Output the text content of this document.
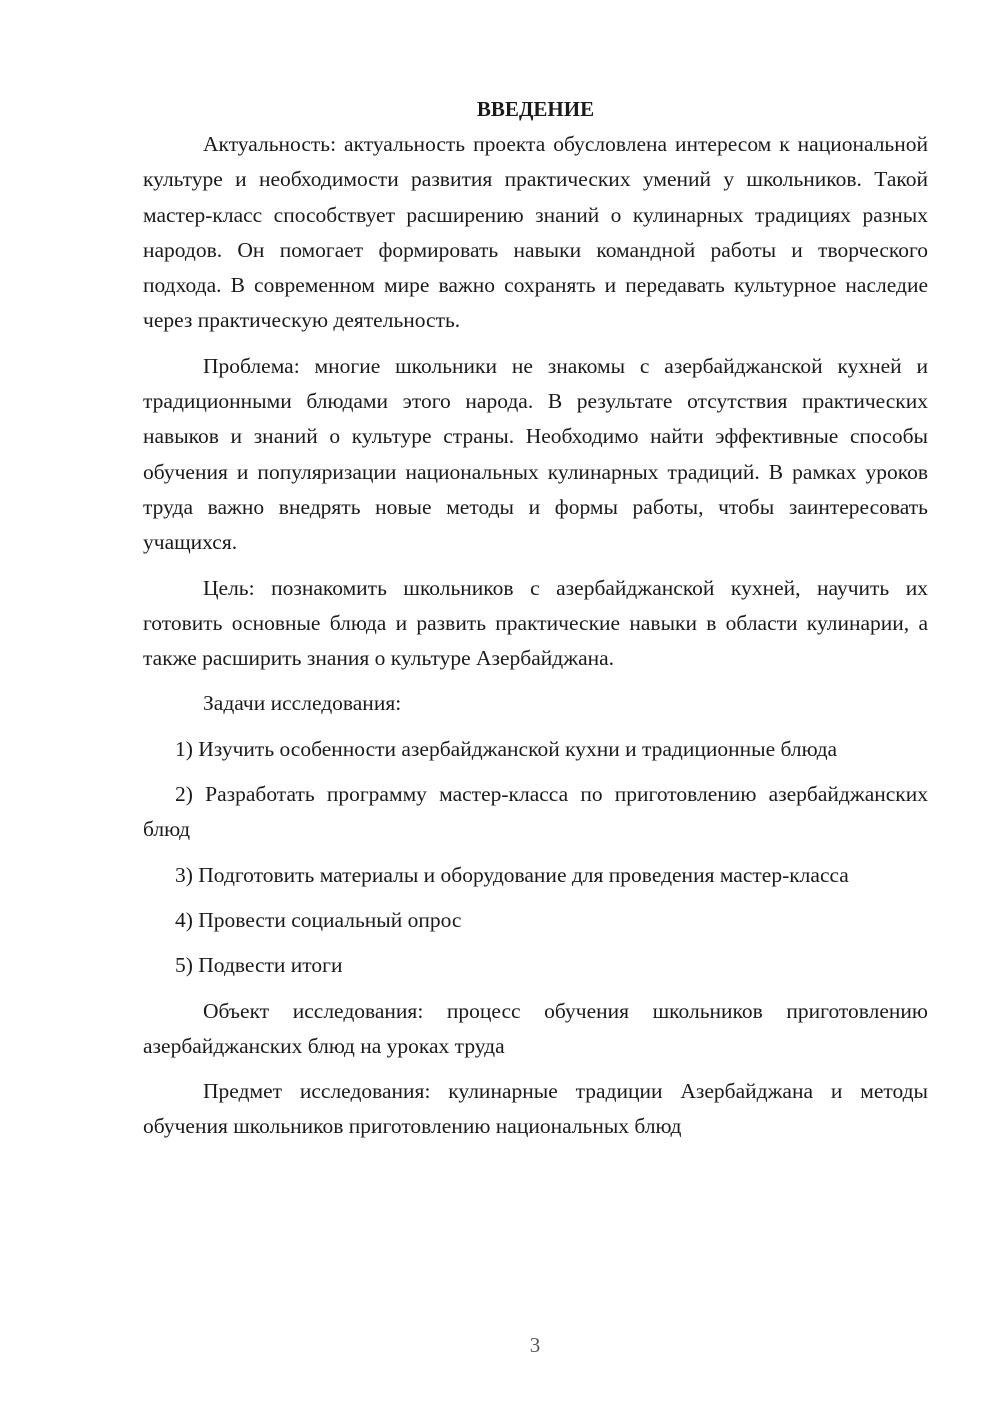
ВВЕДЕНИЕ

Актуальность: актуальность проекта обусловлена интересом к национальной культуре и необходимости развития практических умений у школьников. Такой мастер-класс способствует расширению знаний о кулинарных традициях разных народов. Он помогает формировать навыки командной работы и творческого подхода. В современном мире важно сохранять и передавать культурное наследие через практическую деятельность.

Проблема: многие школьники не знакомы с азербайджанской кухней и традиционными блюдами этого народа. В результате отсутствия практических навыков и знаний о культуре страны. Необходимо найти эффективные способы обучения и популяризации национальных кулинарных традиций. В рамках уроков труда важно внедрять новые методы и формы работы, чтобы заинтересовать учащихся.

Цель: познакомить школьников с азербайджанской кухней, научить их готовить основные блюда и развить практические навыки в области кулинарии, а также расширить знания о культуре Азербайджана.

Задачи исследования:

1) Изучить особенности азербайджанской кухни и традиционные блюда

2) Разработать программу мастер-класса по приготовлению азербайджанских блюд

3) Подготовить материалы и оборудование для проведения мастер-класса

4) Провести социальный опрос

5) Подвести итоги

Объект исследования: процесс обучения школьников приготовлению азербайджанских блюд на уроках труда

Предмет исследования: кулинарные традиции Азербайджана и методы обучения школьников приготовлению национальных блюд

3
